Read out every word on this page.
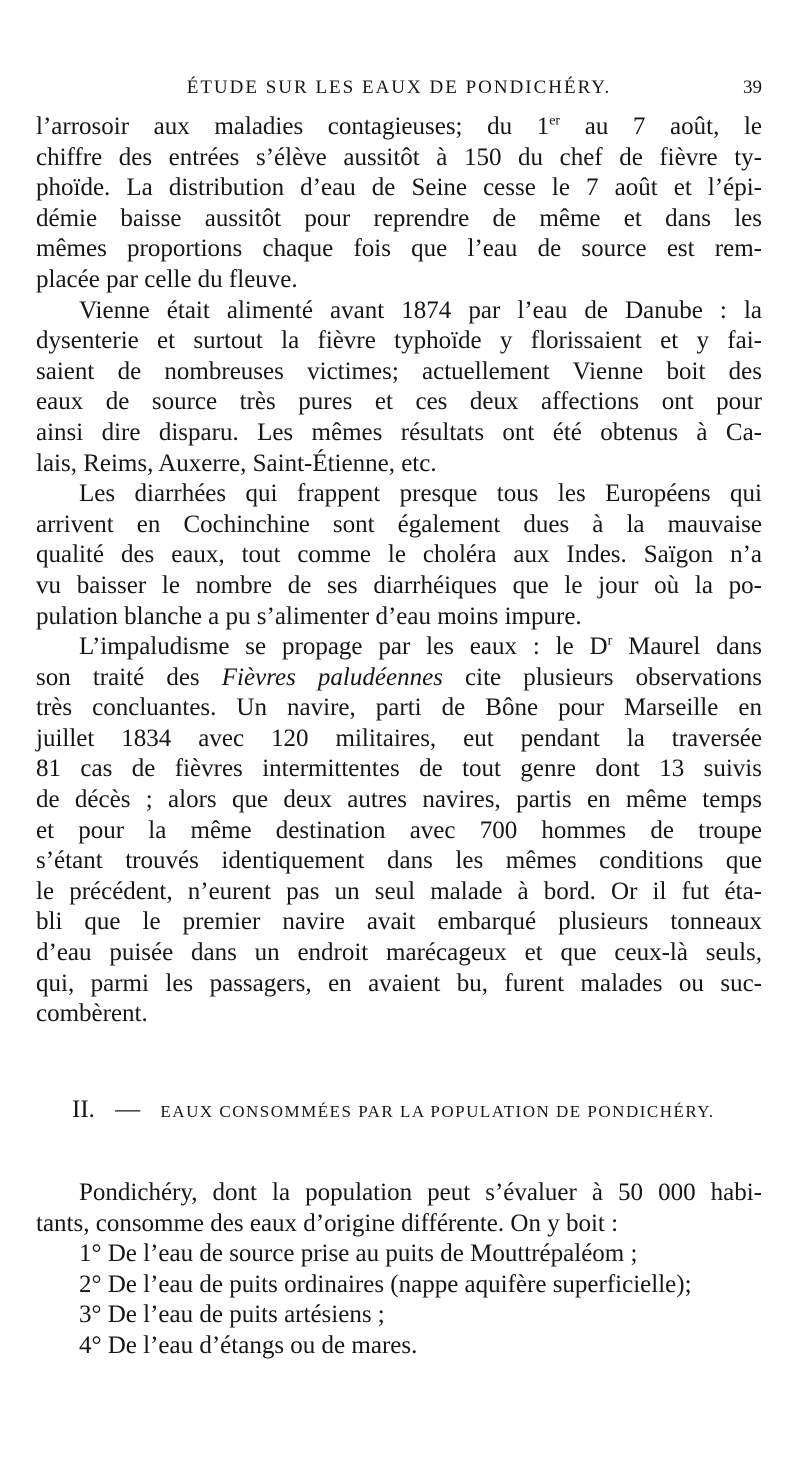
ÉTUDE SUR LES EAUX DE PONDICHÉRY.	39

l’arrosoir aux maladies contagieuses; du 1er au 7 août, le
chiffre des entrées s’élève aussitôt à 150 du chef de fièvre ty-
phoïde. La distribution d’eau de Seine cesse le 7 août et l’épi-
démie baisse aussitôt pour reprendre de même et dans les
mêmes proportions chaque fois que l’eau de source est rem-
placée par celle du fleuve.

Vienne était alimenté avant 1874 par l’eau de Danube : la
dysenterie et surtout la fièvre typhoïde y florissaient et y fai-
saient de nombreuses victimes; actuellement Vienne boit des
eaux de source très pures et ces deux affections ont pour
ainsi dire disparu. Les mêmes résultats ont été obtenus à Ca-
lais, Reims, Auxerre, Saint-Étienne, etc.

Les diarrhées qui frappent presque tous les Européens qui
arrivent en Cochinchine sont également dues à la mauvaise
qualité des eaux, tout comme le choléra aux Indes. Saïgon n’a
vu baisser le nombre de ses diarrhéiques que le jour où la po-
pulation blanche a pu s’alimenter d’eau moins impure.

L’impaludisme se propage par les eaux : le $D^r$ Maurel dans
son traité des Fièvres paludéennes cite plusieurs observations
très concluantes. Un navire, parti de Bône pour Marseille en
juillet 1834 avec 120 militaires, eut pendant la traversée
81 cas de fièvres intermittentes de tout genre dont 13 suivis
de décès ; alors que deux autres navires, partis en même temps
et pour la même destination avec 700 hommes de troupe
s’étant trouvés identiquement dans les mêmes conditions que
le précédent, n’eurent pas un seul malade à bord. Or il fut éta-
bli que le premier navire avait embarqué plusieurs tonneaux
d’eau puisée dans un endroit marécageux et que ceux-là seuls,
qui, parmi les passagers, en avaient bu, furent malades ou suc-
combèrent.

II. — EAUX CONSOMMÉES PAR LA POPULATION DE PONDICHÉRY.

Pondichéry, dont la population peut s’évaluer à 50 000 habi-
tants, consomme des eaux d’origine différente. On y boit :

1° De l’eau de source prise au puits de Mouttrépaléom ;
2° De l’eau de puits ordinaires (nappe aquifère superficielle);
3° De l’eau de puits artésiens ;
4° De l’eau d’étangs ou de mares.
